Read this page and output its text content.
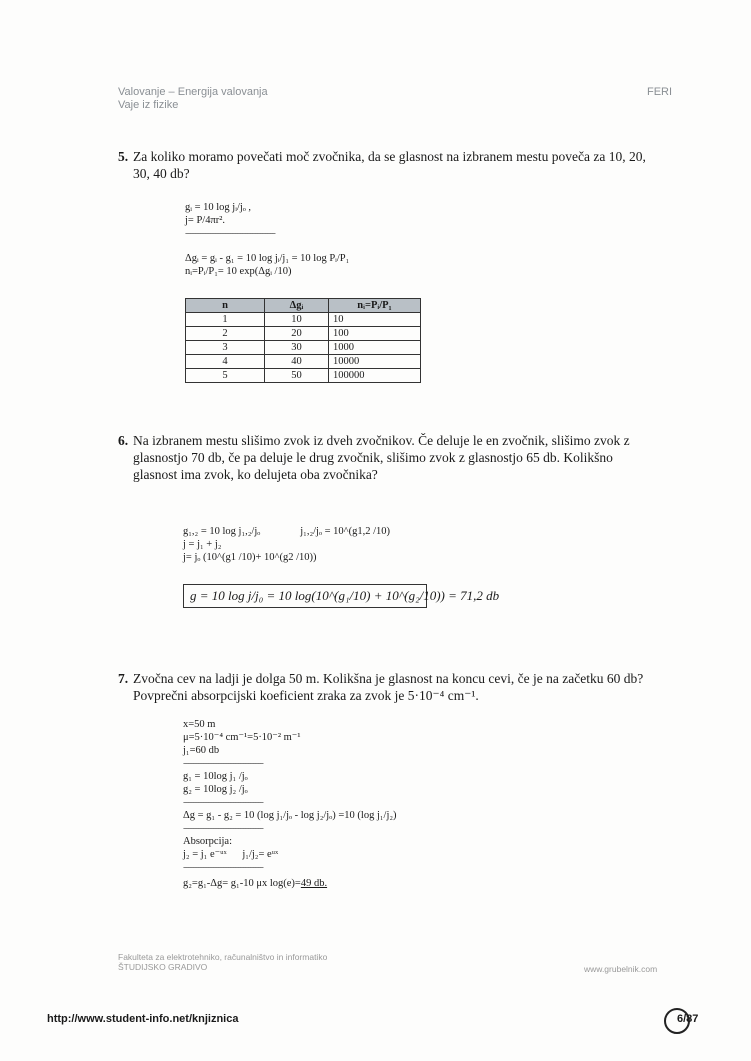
Valovanje – Energija valovanja
Vaje iz fizike
FERI
5. Za koliko moramo povečati moč zvočnika, da se glasnost na izbranem mestu poveča za 10, 20, 30, 40 db?
gᵢ = 10 log jᵢ/jₒ ,
j= P/4πr².
------------------------------------
Δgᵢ = gᵢ - g₁ = 10 log jᵢ/j₁ = 10 log Pᵢ/P₁
nᵢ=Pᵢ/P₁= 10 exp(Δgᵢ /10)
n	Δgᵢ	nᵢ=Pᵢ/P₁
1	10	10
2	20	100
3	30	1000
4	40	10000
5	50	100000
6. Na izbranem mestu slišimo zvok iz dveh zvočnikov. Če deluje le en zvočnik, slišimo zvok z glasnostjo 70 db, če pa deluje le drug zvočnik, slišimo zvok z glasnostjo 65 db. Kolikšno glasnost ima zvok, ko delujeta oba zvočnika?
g₁,₂ = 10 log j₁,₂/jₒ	j₁,₂/jₒ = 10^(g1,2 /10)
j = j₁ + j₂
j= jₒ (10^(g1 /10)+ 10^(g2 /10))
g = 10 log j/j₀ = 10 log(10^(g₁/10) + 10^(g₂/10)) = 71,2 db
7. Zvočna cev na ladji je dolga 50 m. Kolikšna je glasnost na koncu cevi, če je na začetku 60 db? Povprečni absorpcijski koeficient zraka za zvok je 5·10⁻⁴ cm⁻¹.
x=50 m
μ=5·10⁻⁴ cm⁻¹=5·10⁻² m⁻¹
j₁=60 db
--------------------------------
g₁ = 10log j₁ /jₒ
g₂ = 10log j₂ /jₒ
--------------------------------
Δg = g₁ - g₂ = 10 (log j₁/jₒ - log j₂/jₒ) =10 (log j₁/j₂)
--------------------------------
Absorpcija:
j₂ = j₁ e⁻ᵘˣ      j₁/j₂= eᵘˣ
--------------------------------
g₂=g₁-Δg= g₁-10 μx log(e)=49 db.
Fakulteta za elektrotehniko, računalništvo in informatiko
ŠTUDIJSKO GRADIVO	www.grubelnik.com
http://www.student-info.net/knjiznica	6/87
